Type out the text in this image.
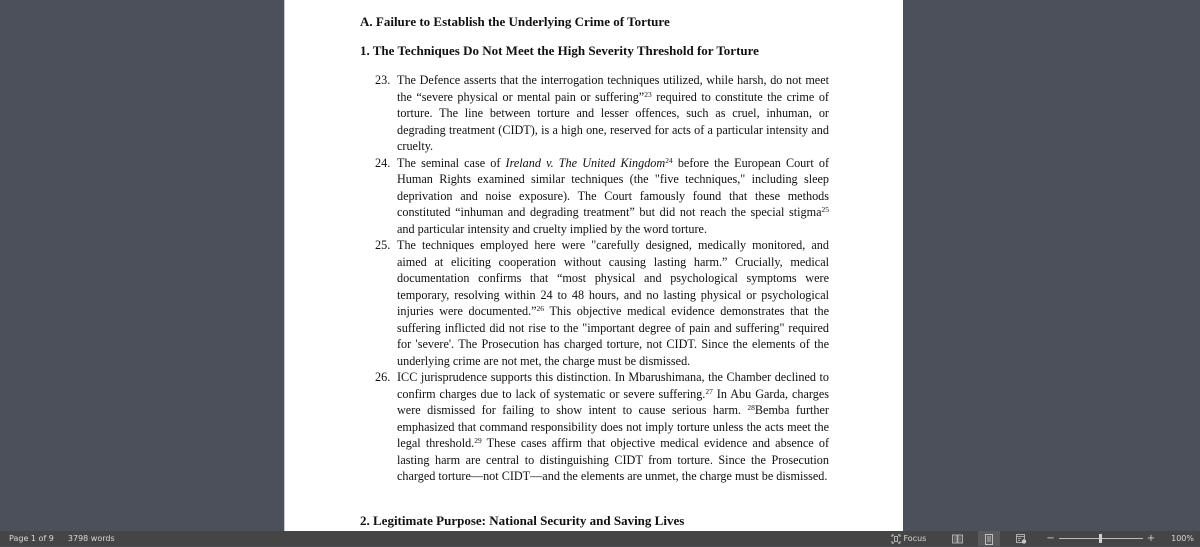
A. Failure to Establish the Underlying Crime of Torture
1. The Techniques Do Not Meet the High Severity Threshold for Torture
23. The Defence asserts that the interrogation techniques utilized, while harsh, do not meet the “severe physical or mental pain or suffering”$^{23}$ required to constitute the crime of torture. The line between torture and lesser offences, such as cruel, inhuman, or degrading treatment (CIDT), is a high one, reserved for acts of a particular intensity and cruelty.
24. The seminal case of Ireland v. The United Kingdom$^{24}$ before the European Court of Human Rights examined similar techniques (the "five techniques," including sleep deprivation and noise exposure). The Court famously found that these methods constituted “inhuman and degrading treatment” but did not reach the special stigma$^{25}$ and particular intensity and cruelty implied by the word torture.
25. The techniques employed here were "carefully designed, medically monitored, and aimed at eliciting cooperation without causing lasting harm.” Crucially, medical documentation confirms that “most physical and psychological symptoms were temporary, resolving within 24 to 48 hours, and no lasting physical or psychological injuries were documented.”$^{26}$ This objective medical evidence demonstrates that the suffering inflicted did not rise to the "important degree of pain and suffering" required for 'severe'. The Prosecution has charged torture, not CIDT. Since the elements of the underlying crime are not met, the charge must be dismissed.
26. ICC jurisprudence supports this distinction. In Mbarushimana, the Chamber declined to confirm charges due to lack of systematic or severe suffering.$^{27}$ In Abu Garda, charges were dismissed for failing to show intent to cause serious harm. $^{28}$Bemba further emphasized that command responsibility does not imply torture unless the acts meet the legal threshold.$^{29}$ These cases affirm that objective medical evidence and absence of lasting harm are central to distinguishing CIDT from torture. Since the Prosecution charged torture—not CIDT—and the elements are unmet, the charge must be dismissed.
2. Legitimate Purpose: National Security and Saving Lives
Page 1 of 9 3798 words	Focus	−	+ 100%
